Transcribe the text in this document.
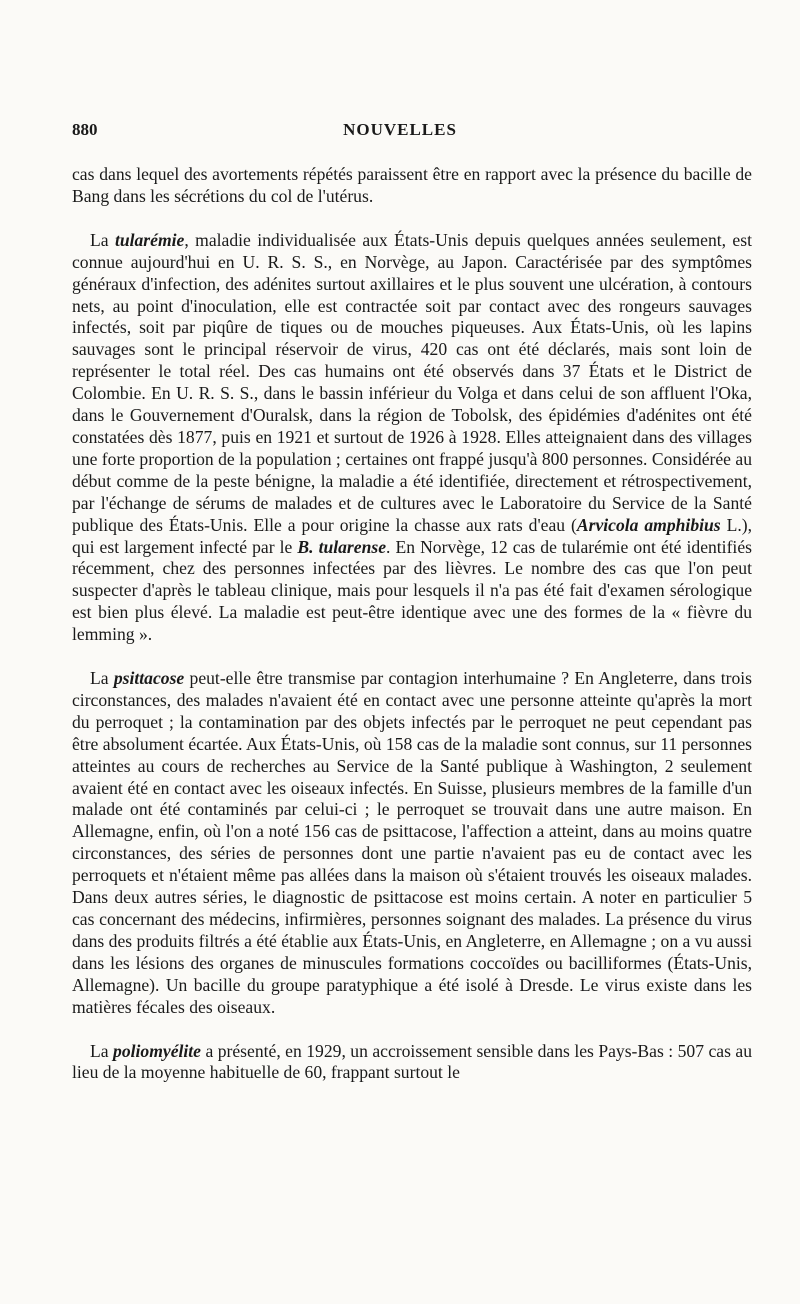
880	NOUVELLES

cas dans lequel des avortements répétés paraissent être en rapport avec la présence du bacille de Bang dans les sécrétions du col de l'utérus.

La tularémie, maladie individualisée aux États-Unis depuis quelques années seulement, est connue aujourd'hui en U. R. S. S., en Norvège, au Japon. Caractérisée par des symptômes généraux d'infection, des adénites surtout axillaires et le plus souvent une ulcération, à contours nets, au point d'inoculation, elle est contractée soit par contact avec des rongeurs sauvages infectés, soit par piqûre de tiques ou de mouches piqueuses. Aux États-Unis, où les lapins sauvages sont le principal réservoir de virus, 420 cas ont été déclarés, mais sont loin de représenter le total réel. Des cas humains ont été observés dans 37 États et le District de Colombie. En U. R. S. S., dans le bassin inférieur du Volga et dans celui de son affluent l'Oka, dans le Gouvernement d'Ouralsk, dans la région de Tobolsk, des épidémies d'adénites ont été constatées dès 1877, puis en 1921 et surtout de 1926 à 1928. Elles atteignaient dans des villages une forte proportion de la population ; certaines ont frappé jusqu'à 800 personnes. Considérée au début comme de la peste bénigne, la maladie a été identifiée, directement et rétrospectivement, par l'échange de sérums de malades et de cultures avec le Laboratoire du Service de la Santé publique des États-Unis. Elle a pour origine la chasse aux rats d'eau (Arvicola amphibius L.), qui est largement infecté par le B. tularense. En Norvège, 12 cas de tularémie ont été identifiés récemment, chez des personnes infectées par des lièvres. Le nombre des cas que l'on peut suspecter d'après le tableau clinique, mais pour lesquels il n'a pas été fait d'examen sérologique est bien plus élevé. La maladie est peut-être identique avec une des formes de la « fièvre du lemming ».

La psittacose peut-elle être transmise par contagion interhumaine ? En Angleterre, dans trois circonstances, des malades n'avaient été en contact avec une personne atteinte qu'après la mort du perroquet ; la contamination par des objets infectés par le perroquet ne peut cependant pas être absolument écartée. Aux États-Unis, où 158 cas de la maladie sont connus, sur 11 personnes atteintes au cours de recherches au Service de la Santé publique à Washington, 2 seulement avaient été en contact avec les oiseaux infectés. En Suisse, plusieurs membres de la famille d'un malade ont été contaminés par celui-ci ; le perroquet se trouvait dans une autre maison. En Allemagne, enfin, où l'on a noté 156 cas de psittacose, l'affection a atteint, dans au moins quatre circonstances, des séries de personnes dont une partie n'avaient pas eu de contact avec les perroquets et n'étaient même pas allées dans la maison où s'étaient trouvés les oiseaux malades. Dans deux autres séries, le diagnostic de psittacose est moins certain. A noter en particulier 5 cas concernant des médecins, infirmières, personnes soignant des malades. La présence du virus dans des produits filtrés a été établie aux États-Unis, en Angleterre, en Allemagne ; on a vu aussi dans les lésions des organes de minuscules formations coccoïdes ou bacilliformes (États-Unis, Allemagne). Un bacille du groupe paratyphique a été isolé à Dresde. Le virus existe dans les matières fécales des oiseaux.

La poliomyélite a présenté, en 1929, un accroissement sensible dans les Pays-Bas : 507 cas au lieu de la moyenne habituelle de 60, frappant surtout le
